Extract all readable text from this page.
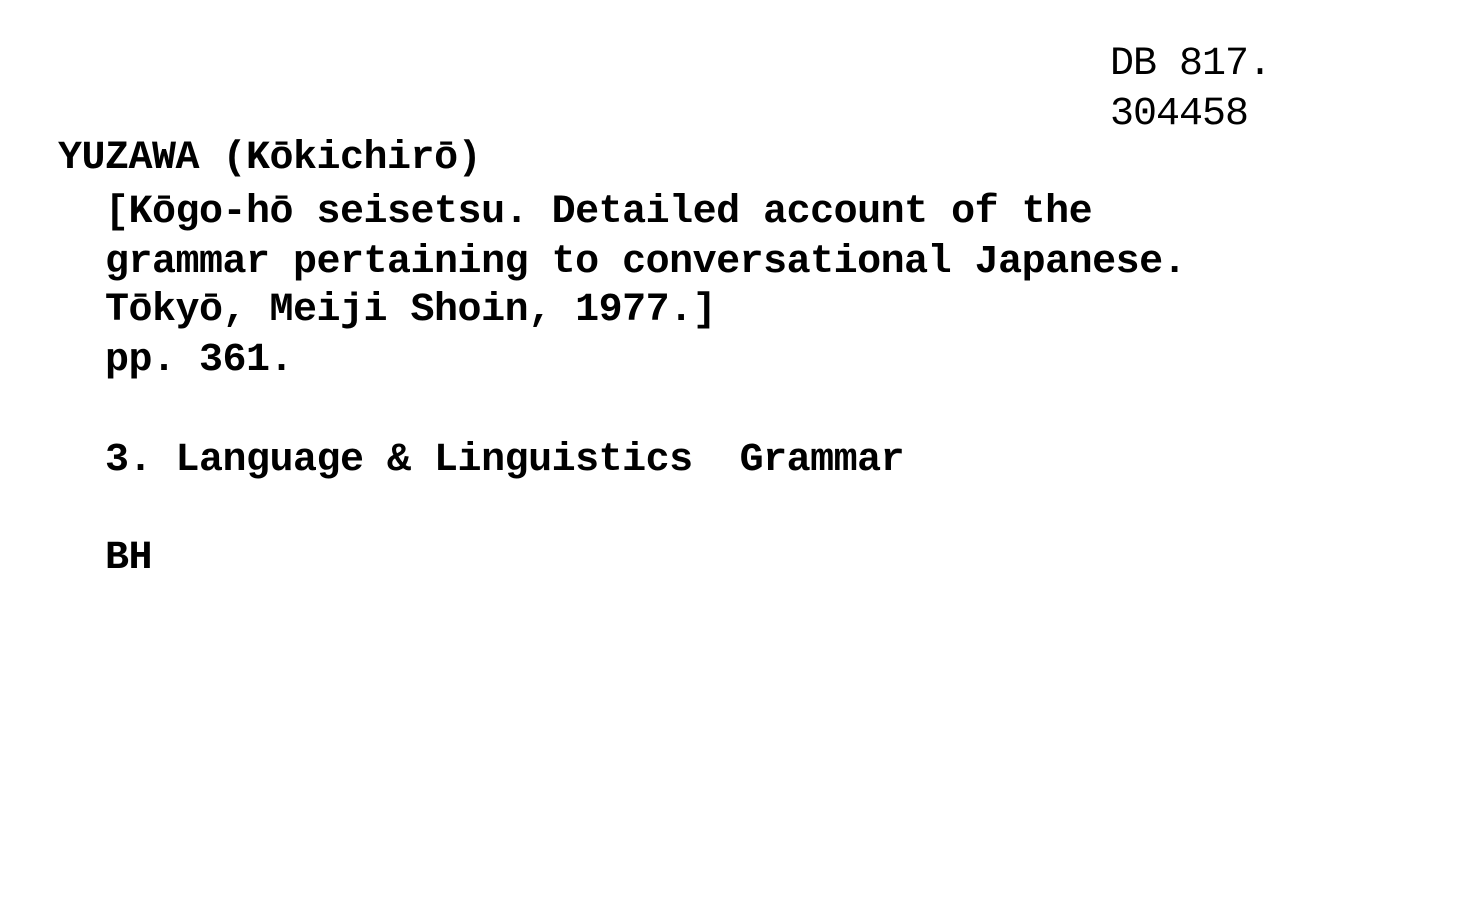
DB 817.
304458
YUZAWA (Kōkichirō)
[Kōgo-hō seisetsu. Detailed account of the
grammar pertaining to conversational Japanese.
Tōkyō, Meiji Shoin, 1977.]
pp. 361.
3. Language & Linguistics  Grammar
BH
